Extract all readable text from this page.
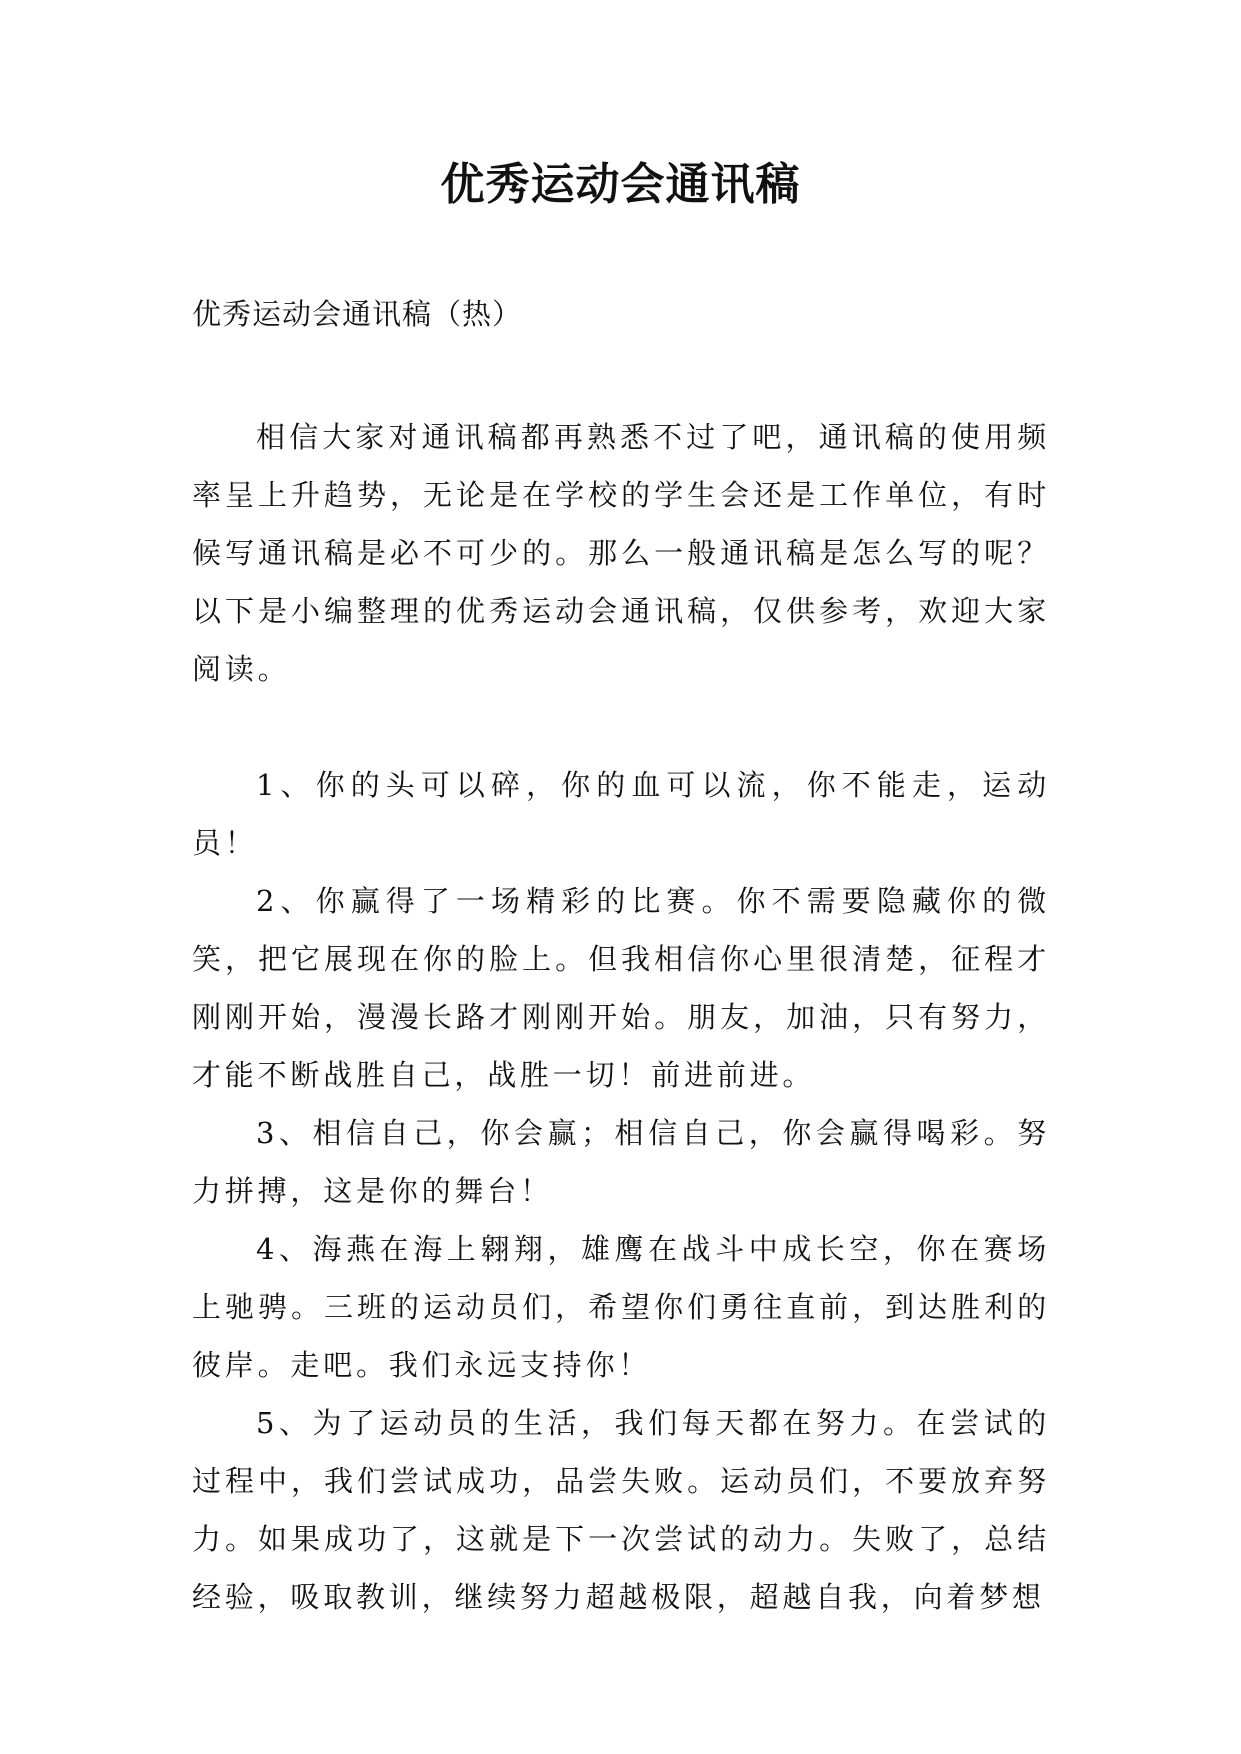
优秀运动会通讯稿
优秀运动会通讯稿（热）

相信大家对通讯稿都再熟悉不过了吧，通讯稿的使用频率呈上升趋势，无论是在学校的学生会还是工作单位，有时候写通讯稿是必不可少的。那么一般通讯稿是怎么写的呢？以下是小编整理的优秀运动会通讯稿，仅供参考，欢迎大家阅读。

1、你的头可以碎，你的血可以流，你不能走，运动员！

2、你赢得了一场精彩的比赛。你不需要隐藏你的微笑，把它展现在你的脸上。但我相信你心里很清楚，征程才刚刚开始，漫漫长路才刚刚开始。朋友，加油，只有努力，才能不断战胜自己，战胜一切！前进前进。

3、相信自己，你会赢；相信自己，你会赢得喝彩。努力拼搏，这是你的舞台！

4、海燕在海上翱翔，雄鹰在战斗中成长空，你在赛场上驰骋。三班的运动员们，希望你们勇往直前，到达胜利的彼岸。走吧。我们永远支持你！

5、为了运动员的生活，我们每天都在努力。在尝试的过程中，我们尝试成功，品尝失败。运动员们，不要放弃努力。如果成功了，这就是下一次尝试的动力。失败了，总结经验，吸取教训，继续努力超越极限，超越自我，向着梦想
